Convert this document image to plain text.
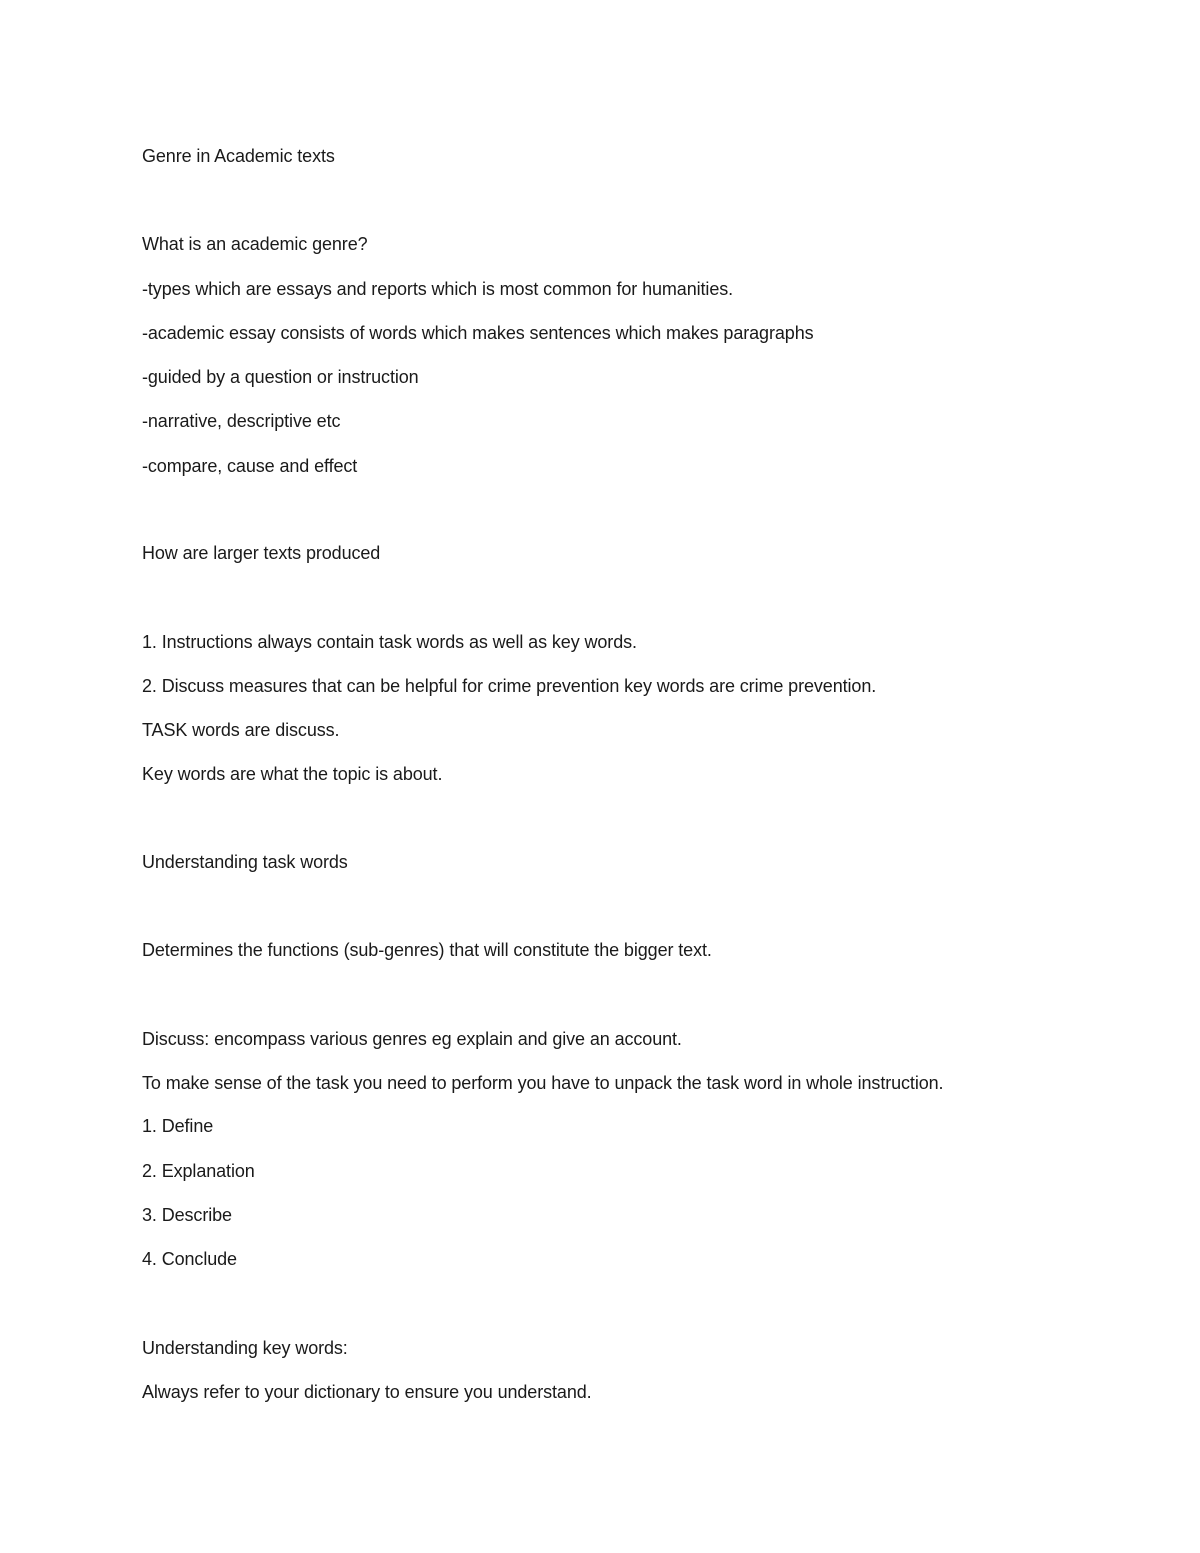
Genre in Academic texts

What is an academic genre?

-types which are essays and reports which is most common for humanities.

-academic essay consists of words which makes sentences which makes paragraphs

-guided by a question or instruction

-narrative, descriptive etc

-compare, cause and effect

How are larger texts produced

1. Instructions always contain task words as well as key words.

2. Discuss measures that can be helpful for crime prevention key words are crime prevention.

TASK words are discuss.

Key words are what the topic is about.

Understanding task words

Determines the functions (sub-genres) that will constitute the bigger text.

Discuss: encompass various genres eg explain and give an account.

To make sense of the task you need to perform you have to unpack the task word in whole instruction.

1. Define

2. Explanation

3. Describe

4. Conclude

Understanding key words:

Always refer to your dictionary to ensure you understand.
